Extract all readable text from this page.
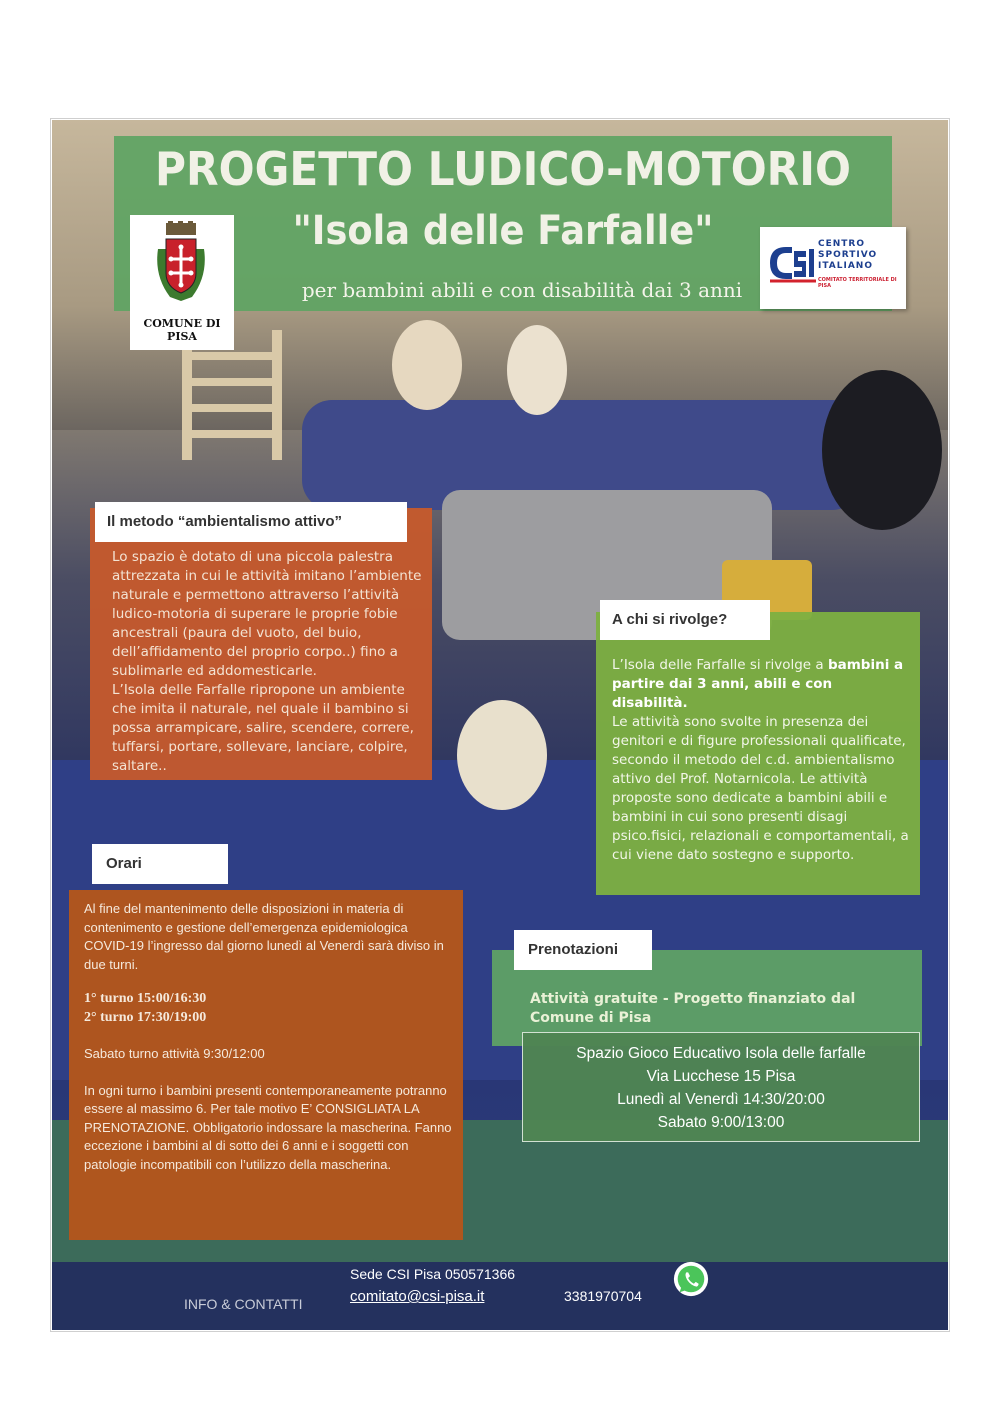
PROGETTO LUDICO-MOTORIO
"Isola delle Farfalle"
per bambini abili e con disabilità dai 3 anni
COMUNE DI PISA
CENTRO
SPORTIVO
ITALIANO
COMITATO TERRITORIALE DI PISA
Il metodo “ambientalismo attivo”

Lo spazio è dotato di una piccola palestra attrezzata in cui le attività imitano l’ambiente naturale e permettono attraverso l’attività ludico-motoria di superare le proprie fobie ancestrali (paura del vuoto, del buio, dell’affidamento del proprio corpo..) fino a sublimarle ed addomesticarle.

L’Isola delle Farfalle ripropone un ambiente che imita il naturale, nel quale il bambino si possa arrampicare, salire, scendere, correre, tuffarsi, portare, sollevare, lanciare, colpire, saltare..

A chi si rivolge?
L’Isola delle Farfalle si rivolge a bambini a partire dai 3 anni, abili e con disabilità.
Le attività sono svolte in presenza dei genitori e di figure professionali qualificate, secondo il metodo del c.d. ambientalismo attivo del Prof. Notarnicola. Le attività proposte sono dedicate a bambini abili e bambini in cui sono presenti disagi psico.fisici, relazionali e comportamentali, a cui viene dato sostegno e supporto.
Orari
Al fine del mantenimento delle disposizioni in materia di contenimento e gestione dell’emergenza epidemiologica COVID-19 l’ingresso dal giorno lunedì al Venerdì sarà diviso in due turni.
1° turno 15:00/16:30
2° turno 17:30/19:00
Sabato turno attività 9:30/12:00
In ogni turno i bambini presenti contemporaneamente potranno essere al massimo 6. Per tale motivo E’ CONSIGLIATA LA PRENOTAZIONE. Obbligatorio indossare la mascherina. Fanno eccezione i bambini al di sotto dei 6 anni e i soggetti con patologie incompatibili con l’utilizzo della mascherina.
Prenotazioni
Attività gratuite - Progetto finanziato dal Comune di Pisa
Spazio Gioco Educativo Isola delle farfalle
Via Lucchese 15 Pisa
Lunedì al Venerdì 14:30/20:00
Sabato 9:00/13:00
INFO & CONTATTI
Sede CSI Pisa 050571366
comitato@csi-pisa.it	3381970704
